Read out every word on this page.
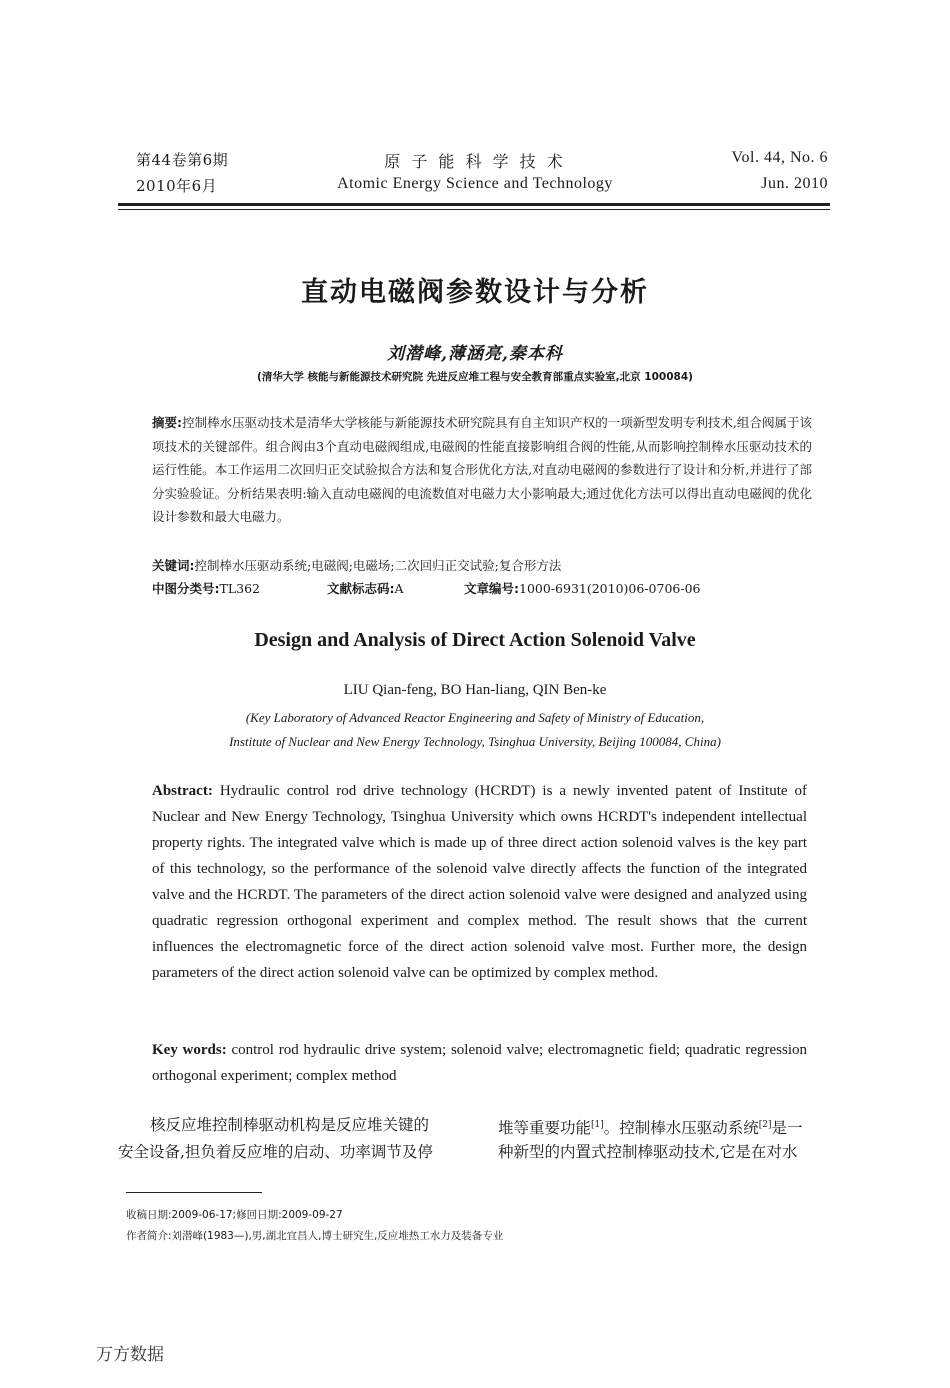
第44卷第6期
2010年6月
原 子 能 科 学 技 术
Atomic Energy Science and Technology
Vol. 44, No. 6
Jun. 2010
直动电磁阀参数设计与分析
刘潜峰,薄涵亮,秦本科
(清华大学 核能与新能源技术研究院 先进反应堆工程与安全教育部重点实验室,北京 100084)
摘要:控制棒水压驱动技术是清华大学核能与新能源技术研究院具有自主知识产权的一项新型发明专利技术,组合阀属于该项技术的关键部件。组合阀由3个直动电磁阀组成,电磁阀的性能直接影响组合阀的性能,从而影响控制棒水压驱动技术的运行性能。本工作运用二次回归正交试验拟合方法和复合形优化方法,对直动电磁阀的参数进行了设计和分析,并进行了部分实验验证。分析结果表明:输入直动电磁阀的电流数值对电磁力大小影响最大;通过优化方法可以得出直动电磁阀的优化设计参数和最大电磁力。
关键词:控制棒水压驱动系统;电磁阀;电磁场;二次回归正交试验;复合形方法
中图分类号:TL362	文献标志码:A	文章编号:1000-6931(2010)06-0706-06
Design and Analysis of Direct Action Solenoid Valve
LIU Qian-feng, BO Han-liang, QIN Ben-ke
(Key Laboratory of Advanced Reactor Engineering and Safety of Ministry of Education,
Institute of Nuclear and New Energy Technology, Tsinghua University, Beijing 100084, China)
Abstract: Hydraulic control rod drive technology (HCRDT) is a newly invented patent of Institute of Nuclear and New Energy Technology, Tsinghua University which owns HCRDT's independent intellectual property rights. The integrated valve which is made up of three direct action solenoid valves is the key part of this technology, so the performance of the solenoid valve directly affects the function of the integrated valve and the HCRDT. The parameters of the direct action solenoid valve were designed and analyzed using quadratic regression orthogonal experiment and complex method. The result shows that the current influences the electromagnetic force of the direct action solenoid valve most. Further more, the design parameters of the direct action solenoid valve can be optimized by complex method.
Key words: control rod hydraulic drive system; solenoid valve; electromagnetic field; quadratic regression orthogonal experiment; complex method
核反应堆控制棒驱动机构是反应堆关键的
安全设备,担负着反应堆的启动、功率调节及停
堆等重要功能[1]。控制棒水压驱动系统[2]是一
种新型的内置式控制棒驱动技术,它是在对水
收稿日期:2009-06-17;修回日期:2009-09-27
作者简介:刘潜峰(1983—),男,湖北宜昌人,博士研究生,反应堆热工水力及装备专业
万方数据
